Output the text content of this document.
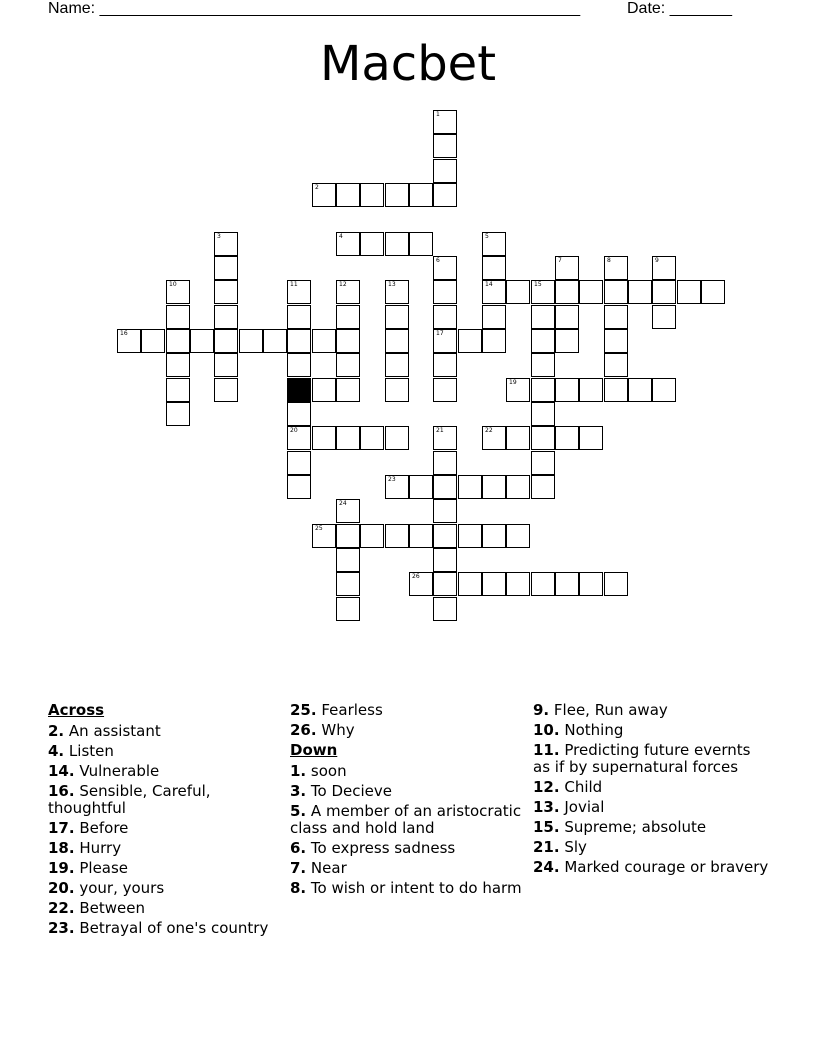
Name: ______________________________________________________	Date: _______
Macbet
1
2
3	4	5
14
6
17
7	8	9
10	11
20
12	13	15
16
19
21	22
23
24
25
26
Across
2. An assistant
4. Listen
14. Vulnerable
16. Sensible, Careful, thoughtful
17. Before
18. Hurry
19. Please
20. your, yours
22. Between
23. Betrayal of one's country
25. Fearless
26. Why
Down
1. soon
3. To Decieve
5. A member of an aristocratic class and hold land
6. To express sadness
7. Near
8. To wish or intent to do harm
9. Flee, Run away
10. Nothing
11. Predicting future evernts as if by supernatural forces
12. Child
13. Jovial
15. Supreme; absolute
21. Sly
24. Marked courage or bravery
